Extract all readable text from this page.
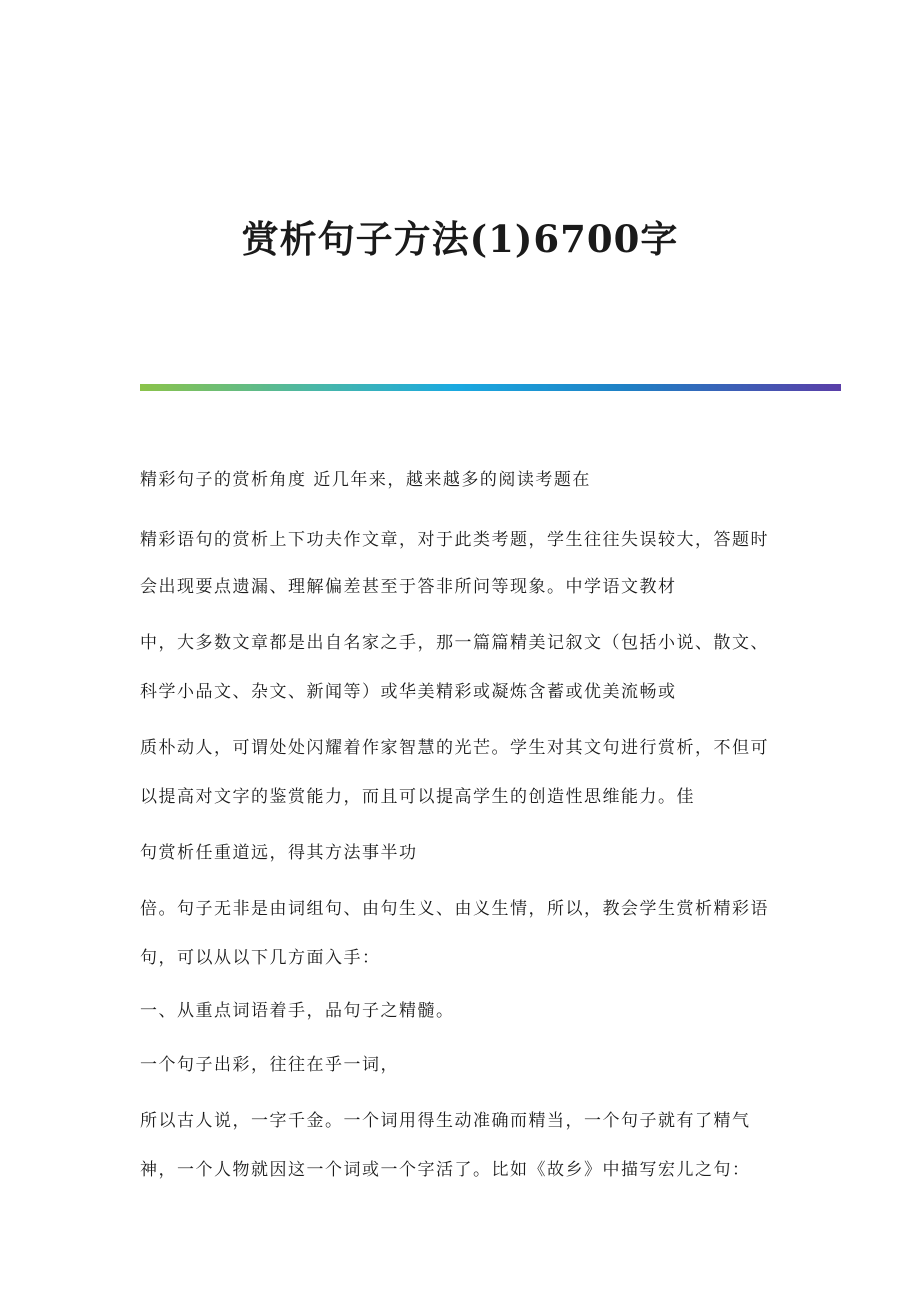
赏析句子方法(1)6700字

精彩句子的赏析角度 近几年来，越来越多的阅读考题在

精彩语句的赏析上下功夫作文章，对于此类考题，学生往往失误较大，答题时

会出现要点遗漏、理解偏差甚至于答非所问等现象。中学语文教材

中，大多数文章都是出自名家之手，那一篇篇精美记叙文（包括小说、散文、

科学小品文、杂文、新闻等）或华美精彩或凝炼含蓄或优美流畅或

质朴动人，可谓处处闪耀着作家智慧的光芒。学生对其文句进行赏析，不但可

以提高对文字的鉴赏能力，而且可以提高学生的创造性思维能力。佳

句赏析任重道远，得其方法事半功

倍。句子无非是由词组句、由句生义、由义生情，所以，教会学生赏析精彩语

句，可以从以下几方面入手：

一、从重点词语着手，品句子之精髓。

一个句子出彩，往往在乎一词，

所以古人说，一字千金。一个词用得生动准确而精当，一个句子就有了精气

神，一个人物就因这一个词或一个字活了。比如《故乡》中描写宏儿之句：
